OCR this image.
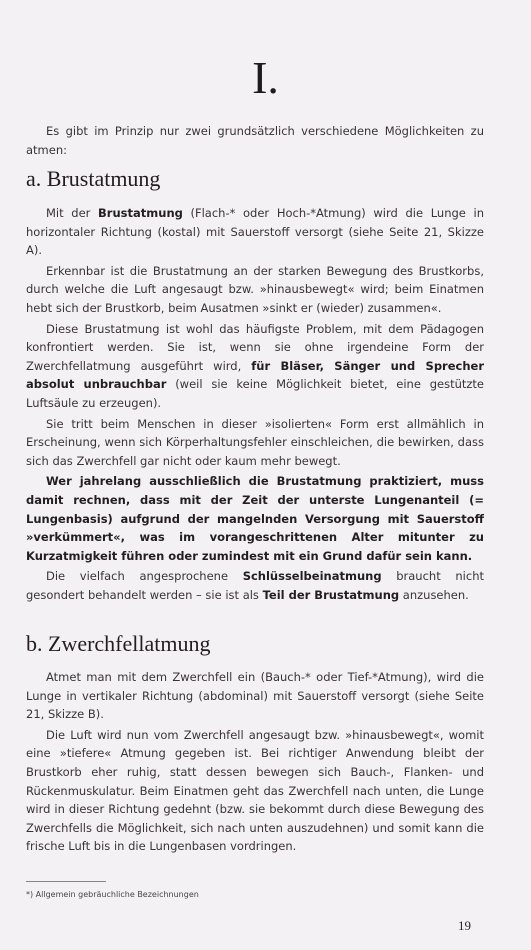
I.

Es gibt im Prinzip nur zwei grundsätzlich verschiedene Möglichkeiten zu atmen:

a. Brustatmung

Mit der Brustatmung (Flach-* oder Hoch-*Atmung) wird die Lunge in horizontaler Richtung (kostal) mit Sauerstoff versorgt (siehe Seite 21, Skizze A).

Erkennbar ist die Brustatmung an der starken Bewegung des Brustkorbs, durch welche die Luft angesaugt bzw. »hinausbewegt« wird; beim Einatmen hebt sich der Brustkorb, beim Ausatmen »sinkt er (wieder) zusammen«.

Diese Brustatmung ist wohl das häufigste Problem, mit dem Pädagogen konfrontiert werden. Sie ist, wenn sie ohne irgendeine Form der Zwerchfellatmung ausgeführt wird, für Bläser, Sänger und Sprecher absolut unbrauchbar (weil sie keine Möglichkeit bietet, eine gestützte Luftsäule zu erzeugen).

Sie tritt beim Menschen in dieser »isolierten« Form erst allmählich in Erscheinung, wenn sich Körperhaltungsfehler einschleichen, die bewirken, dass sich das Zwerchfell gar nicht oder kaum mehr bewegt.

Wer jahrelang ausschließlich die Brustatmung praktiziert, muss damit rechnen, dass mit der Zeit der unterste Lungenanteil (= Lungenbasis) aufgrund der mangelnden Versorgung mit Sauerstoff »verkümmert«, was im vorangeschrittenen Alter mitunter zu Kurzatmigkeit führen oder zumindest mit ein Grund dafür sein kann.

Die vielfach angesprochene Schlüsselbeinatmung braucht nicht gesondert behandelt werden – sie ist als Teil der Brustatmung anzusehen.

b. Zwerchfellatmung

Atmet man mit dem Zwerchfell ein (Bauch-* oder Tief-*Atmung), wird die Lunge in vertikaler Richtung (abdominal) mit Sauerstoff versorgt (siehe Seite 21, Skizze B).

Die Luft wird nun vom Zwerchfell angesaugt bzw. »hinausbewegt«, womit eine »tiefere« Atmung gegeben ist. Bei richtiger Anwendung bleibt der Brustkorb eher ruhig, statt dessen bewegen sich Bauch-, Flanken- und Rückenmuskulatur. Beim Einatmen geht das Zwerchfell nach unten, die Lunge wird in dieser Richtung gedehnt (bzw. sie bekommt durch diese Bewegung des Zwerchfells die Möglichkeit, sich nach unten auszudehnen) und somit kann die frische Luft bis in die Lungenbasen vordringen.

*) Allgemein gebräuchliche Bezeichnungen
19
